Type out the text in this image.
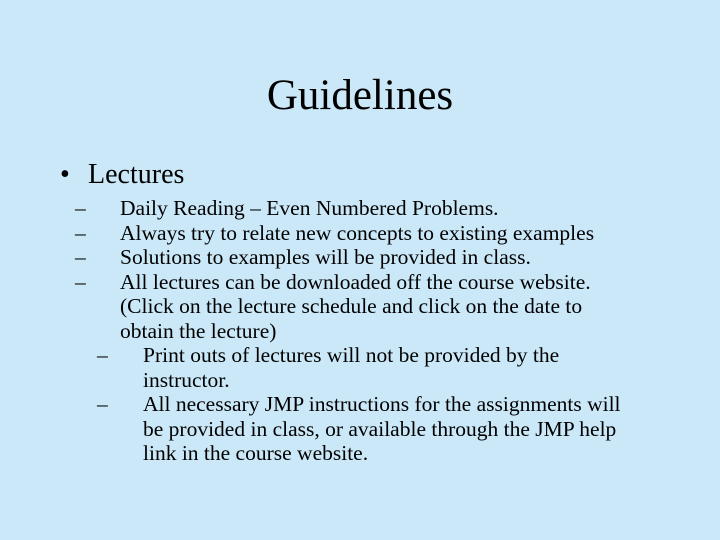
Guidelines
• Lectures
– Daily Reading – Even Numbered Problems.
– Always try to relate new concepts to existing examples
– Solutions to examples will be provided in class.
– All lectures can be downloaded off the course website.
(Click on the lecture schedule and click on the date to
obtain the lecture)
–	Print outs of lectures will not be provided by the
instructor.
–	All necessary JMP instructions for the assignments will
be provided in class, or available through the JMP help
link in the course website.
